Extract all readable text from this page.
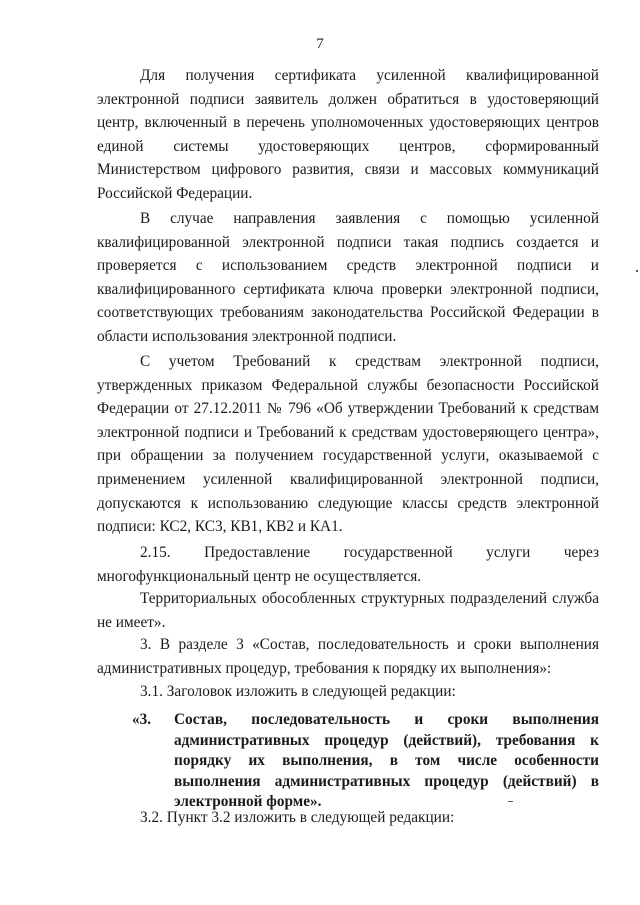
7

Для получения сертификата усиленной квалифицированной электронной подписи заявитель должен обратиться в удостоверяющий центр, включенный в перечень уполномоченных удостоверяющих центров единой системы удостоверяющих центров, сформированный Министерством цифрового развития, связи и массовых коммуникаций Российской Федерации.

В случае направления заявления с помощью усиленной квалифицированной электронной подписи такая подпись создается и проверяется с использованием средств электронной подписи и квалифицированного сертификата ключа проверки электронной подписи, соответствующих требованиям законодательства Российской Федерации в области использования электронной подписи.

С учетом Требований к средствам электронной подписи, утвержденных приказом Федеральной службы безопасности Российской Федерации от 27.12.2011 № 796 «Об утверждении Требований к средствам электронной подписи и Требований к средствам удостоверяющего центра», при обращении за получением государственной услуги, оказываемой с применением усиленной квалифицированной электронной подписи, допускаются к использованию следующие классы средств электронной подписи: КС2, КС3, КВ1, КВ2 и КА1.

2.15. Предоставление государственной услуги через многофункциональный центр не осуществляется.

Территориальных обособленных структурных подразделений служба не имеет».

3. В разделе 3 «Состав, последовательность и сроки выполнения административных процедур, требования к порядку их выполнения»:

3.1. Заголовок изложить в следующей редакции:

«3. Состав, последовательность и сроки выполнения административных процедур (действий), требования к порядку их выполнения, в том числе особенности выполнения административных процедур (действий) в электронной форме».

3.2. Пункт 3.2 изложить в следующей редакции:
